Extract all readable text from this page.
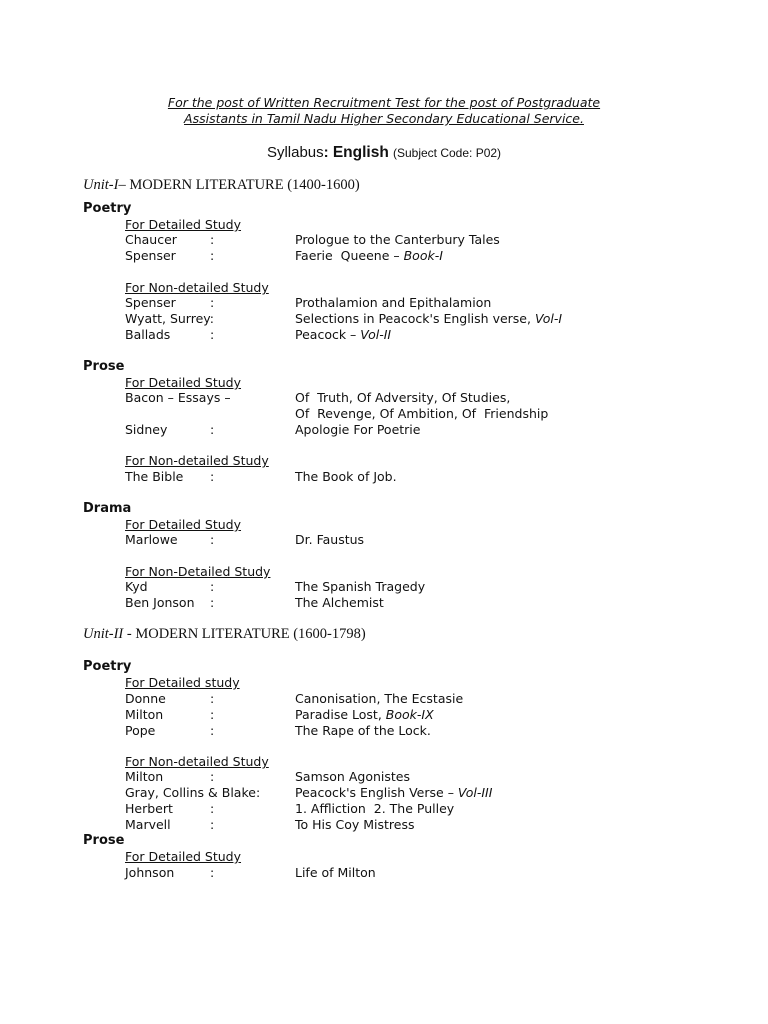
For the post of Written Recruitment Test for the post of Postgraduate
Assistants in Tamil Nadu Higher Secondary Educational Service.
Syllabus: English (Subject Code: P02)
Unit-I– MODERN LITERATURE (1400-1600)
Poetry
For Detailed Study
Chaucer	:	Prologue to the Canterbury Tales
Spenser	:	Faerie  Queene – Book-I
For Non-detailed Study
Spenser	:	Prothalamion and Epithalamion
Wyatt, Surrey:	Selections in Peacock's English verse, Vol-I
Ballads	:	Peacock – Vol-II
Prose
For Detailed Study
Bacon – Essays –	Of  Truth, Of Adversity, Of Studies,
Of  Revenge, Of Ambition, Of  Friendship
Sidney	:	Apologie For Poetrie
For Non-detailed Study
The Bible :	The Book of Job.
Drama
For Detailed Study
Marlowe	:	Dr. Faustus
For Non-Detailed Study
Kyd	:	The Spanish Tragedy
Ben Jonson :	The Alchemist
Unit-II - MODERN LITERATURE (1600-1798)
Poetry
For Detailed study
Donne	:	Canonisation, The Ecstasie
Milton	:	Paradise Lost, Book-IX
Pope	:	The Rape of the Lock.
For Non-detailed Study
Milton	:	Samson Agonistes
Gray, Collins & Blake:	Peacock's English Verse – Vol-III
Herbert	:	1. Affliction  2. The Pulley
Marvell	:	To His Coy Mistress
Prose
For Detailed Study
Johnson	:	Life of Milton
